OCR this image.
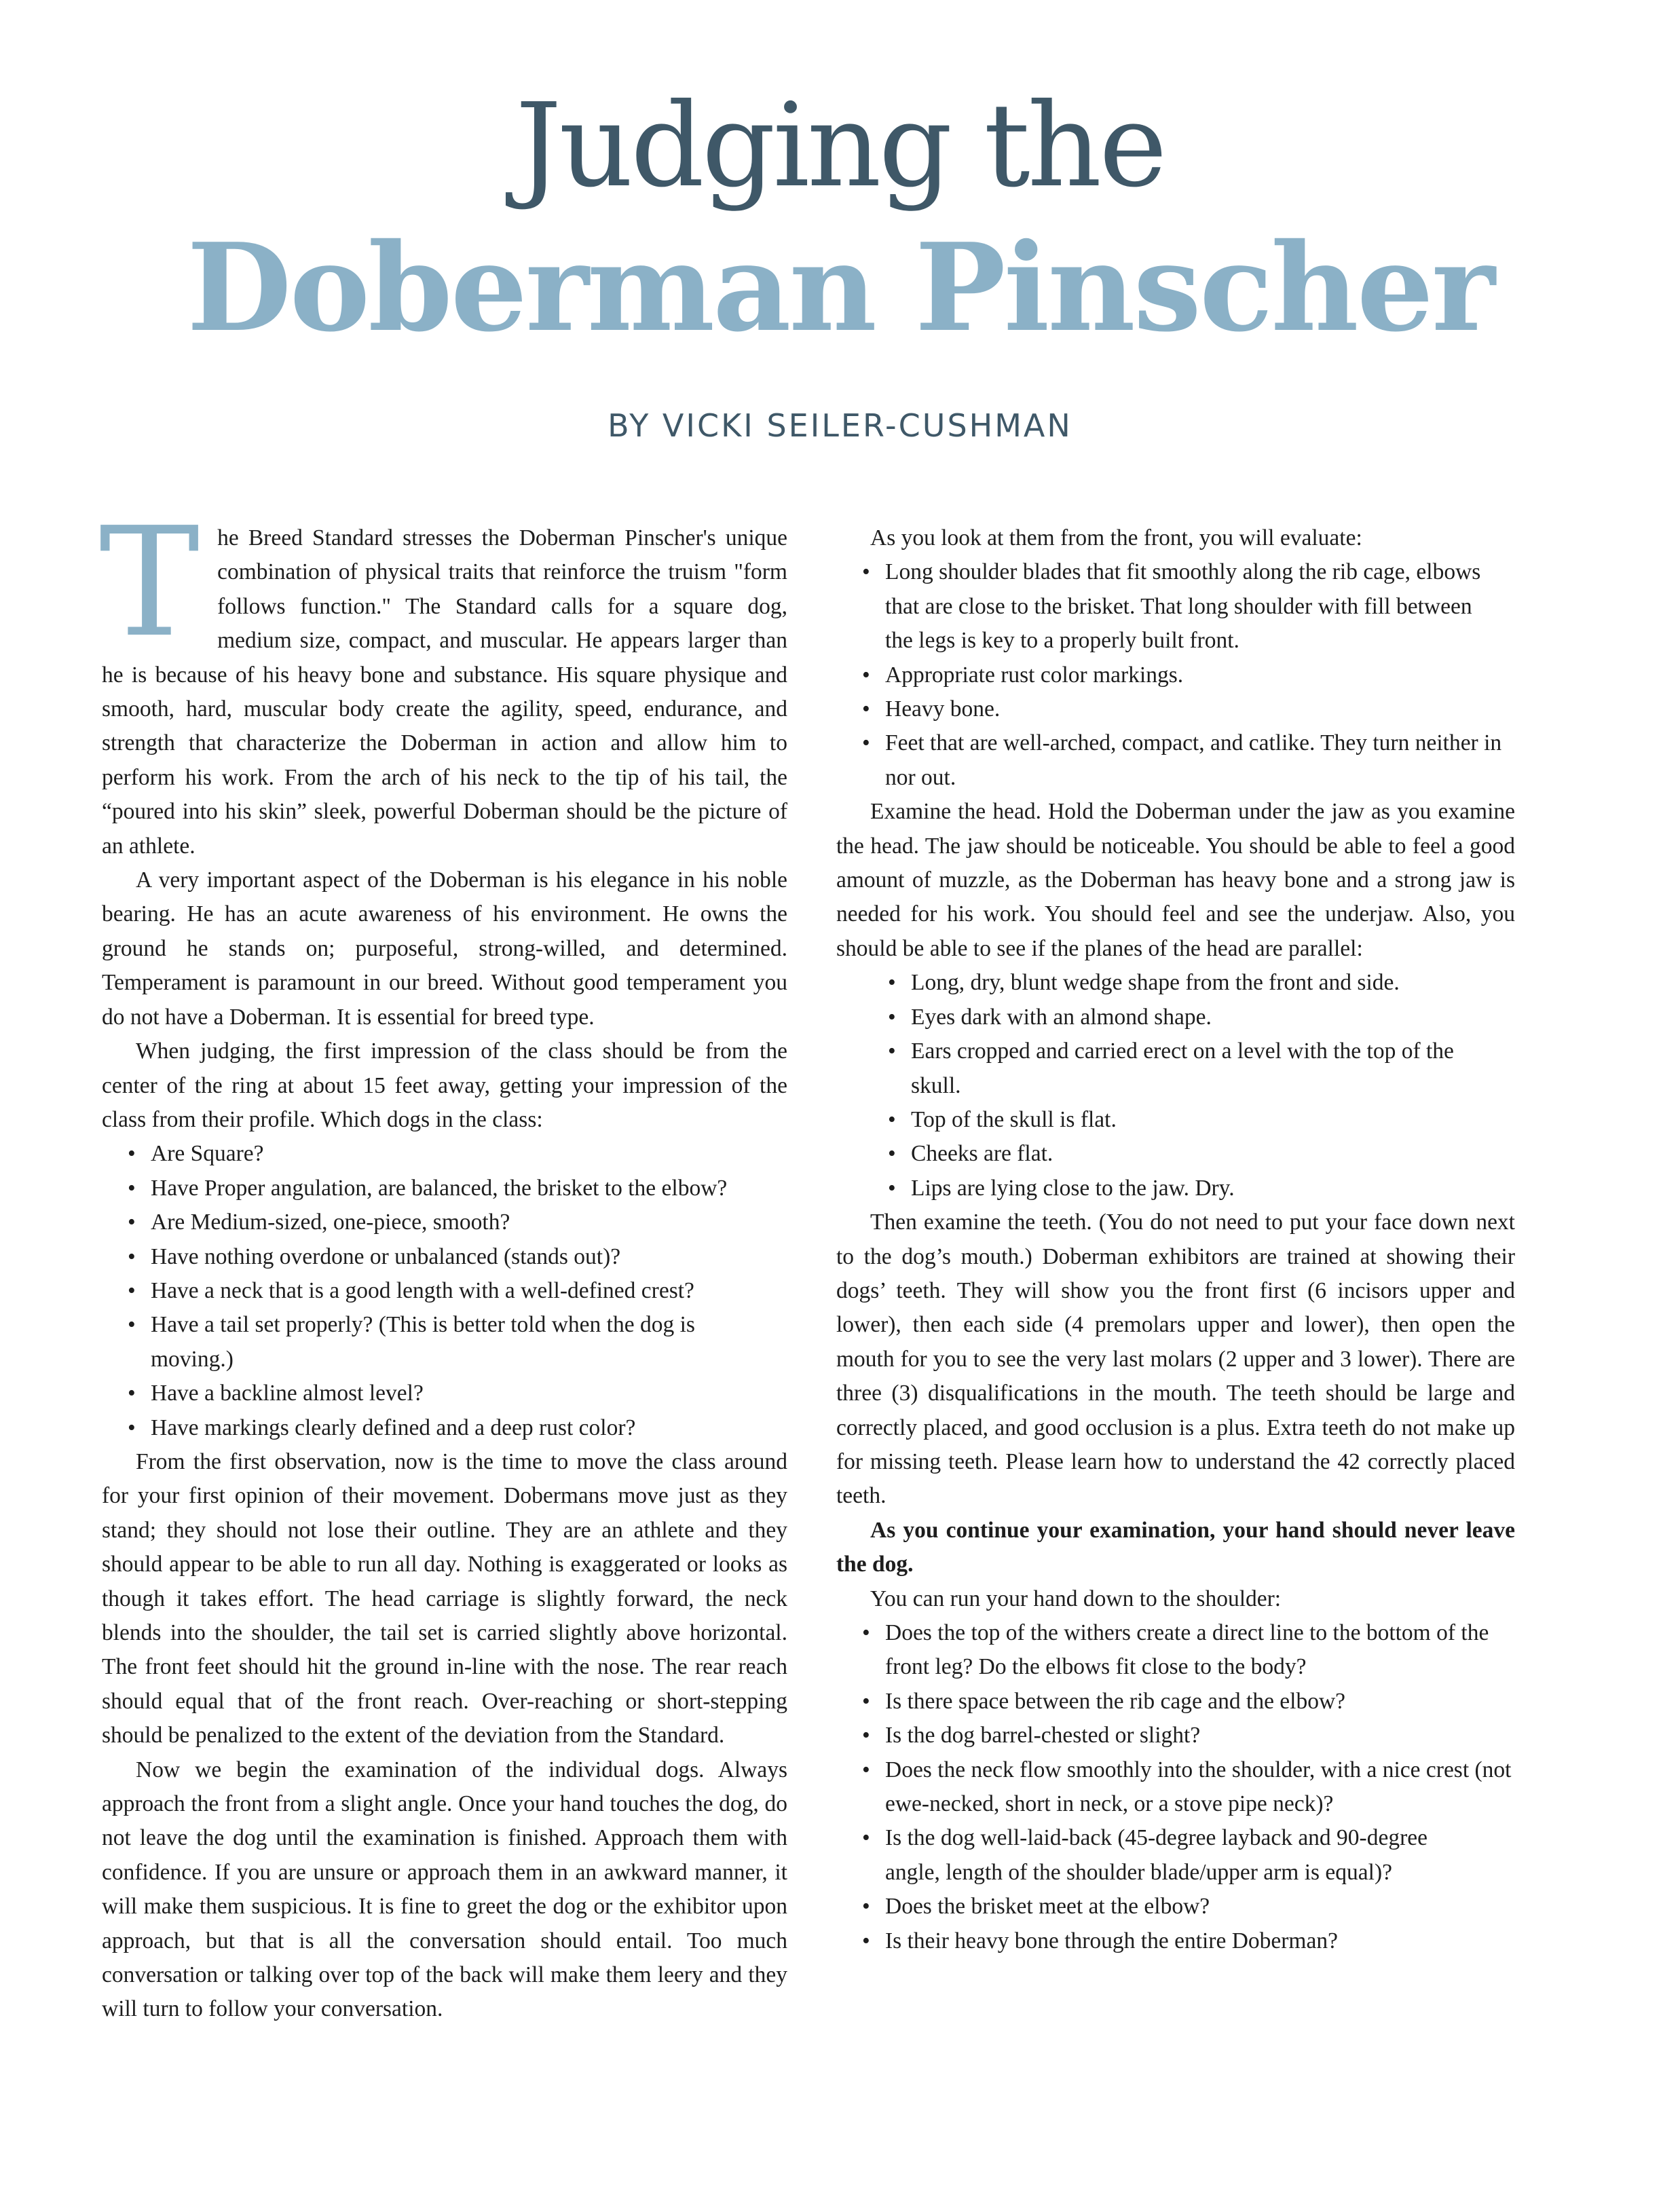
Judging the
Doberman Pinscher
BY VICKI SEILER-CUSHMAN

The Breed Standard stresses the Doberman Pinscher's unique combination of physical traits that reinforce the truism "form follows function." The Standard calls for a square dog, medium size, compact, and muscular. He appears larger than he is because of his heavy bone and substance. His square physique and smooth, hard, muscular body create the agility, speed, endurance, and strength that characterize the Doberman in action and allow him to perform his work. From the arch of his neck to the tip of his tail, the “poured into his skin” sleek, powerful Doberman should be the picture of an athlete.

A very important aspect of the Doberman is his elegance in his noble bearing. He has an acute awareness of his environment. He owns the ground he stands on; purposeful, strong-willed, and determined. Temperament is paramount in our breed. Without good temperament you do not have a Doberman. It is essential for breed type.

When judging, the first impression of the class should be from the center of the ring at about 15 feet away, getting your impression of the class from their profile. Which dogs in the class:

• Are Square?
• Have Proper angulation, are balanced, the brisket to the elbow?
• Are Medium-sized, one-piece, smooth?
• Have nothing overdone or unbalanced (stands out)?
• Have a neck that is a good length with a well-defined crest?
• Have a tail set properly? (This is better told when the dog is moving.)
• Have a backline almost level?
• Have markings clearly defined and a deep rust color?

From the first observation, now is the time to move the class around for your first opinion of their movement. Dobermans move just as they stand; they should not lose their outline. They are an athlete and they should appear to be able to run all day. Nothing is exaggerated or looks as though it takes effort. The head carriage is slightly forward, the neck blends into the shoulder, the tail set is carried slightly above horizontal. The front feet should hit the ground in-line with the nose. The rear reach should equal that of the front reach. Over-reaching or short-stepping should be penalized to the extent of the deviation from the Standard.

Now we begin the examination of the individual dogs. Always approach the front from a slight angle. Once your hand touches the dog, do not leave the dog until the examination is finished. Approach them with confidence. If you are unsure or approach them in an awkward manner, it will make them suspicious. It is fine to greet the dog or the exhibitor upon approach, but that is all the conversation should entail. Too much conversation or talking over top of the back will make them leery and they will turn to follow your conversation.

As you look at them from the front, you will evaluate:

• Long shoulder blades that fit smoothly along the rib cage, elbows that are close to the brisket. That long shoulder with fill between the legs is key to a properly built front.
• Appropriate rust color markings.
• Heavy bone.
• Feet that are well-arched, compact, and catlike. They turn neither in nor out.

Examine the head. Hold the Doberman under the jaw as you examine the head. The jaw should be noticeable. You should be able to feel a good amount of muzzle, as the Doberman has heavy bone and a strong jaw is needed for his work. You should feel and see the underjaw. Also, you should be able to see if the planes of the head are parallel:

• Long, dry, blunt wedge shape from the front and side.
• Eyes dark with an almond shape.
• Ears cropped and carried erect on a level with the top of the skull.
• Top of the skull is flat.
• Cheeks are flat.
• Lips are lying close to the jaw. Dry.

Then examine the teeth. (You do not need to put your face down next to the dog’s mouth.) Doberman exhibitors are trained at showing their dogs’ teeth. They will show you the front first (6 incisors upper and lower), then each side (4 premolars upper and lower), then open the mouth for you to see the very last molars (2 upper and 3 lower). There are three (3) disqualifications in the mouth. The teeth should be large and correctly placed, and good occlusion is a plus. Extra teeth do not make up for missing teeth. Please learn how to understand the 42 correctly placed teeth.

As you continue your examination, your hand should never leave the dog.

You can run your hand down to the shoulder:

• Does the top of the withers create a direct line to the bottom of the front leg? Do the elbows fit close to the body?
• Is there space between the rib cage and the elbow?
• Is the dog barrel-chested or slight?
• Does the neck flow smoothly into the shoulder, with a nice crest (not ewe-necked, short in neck, or a stove pipe neck)?
• Is the dog well-laid-back (45-degree layback and 90-degree angle, length of the shoulder blade/upper arm is equal)?
• Does the brisket meet at the elbow?
• Is their heavy bone through the entire Doberman?
